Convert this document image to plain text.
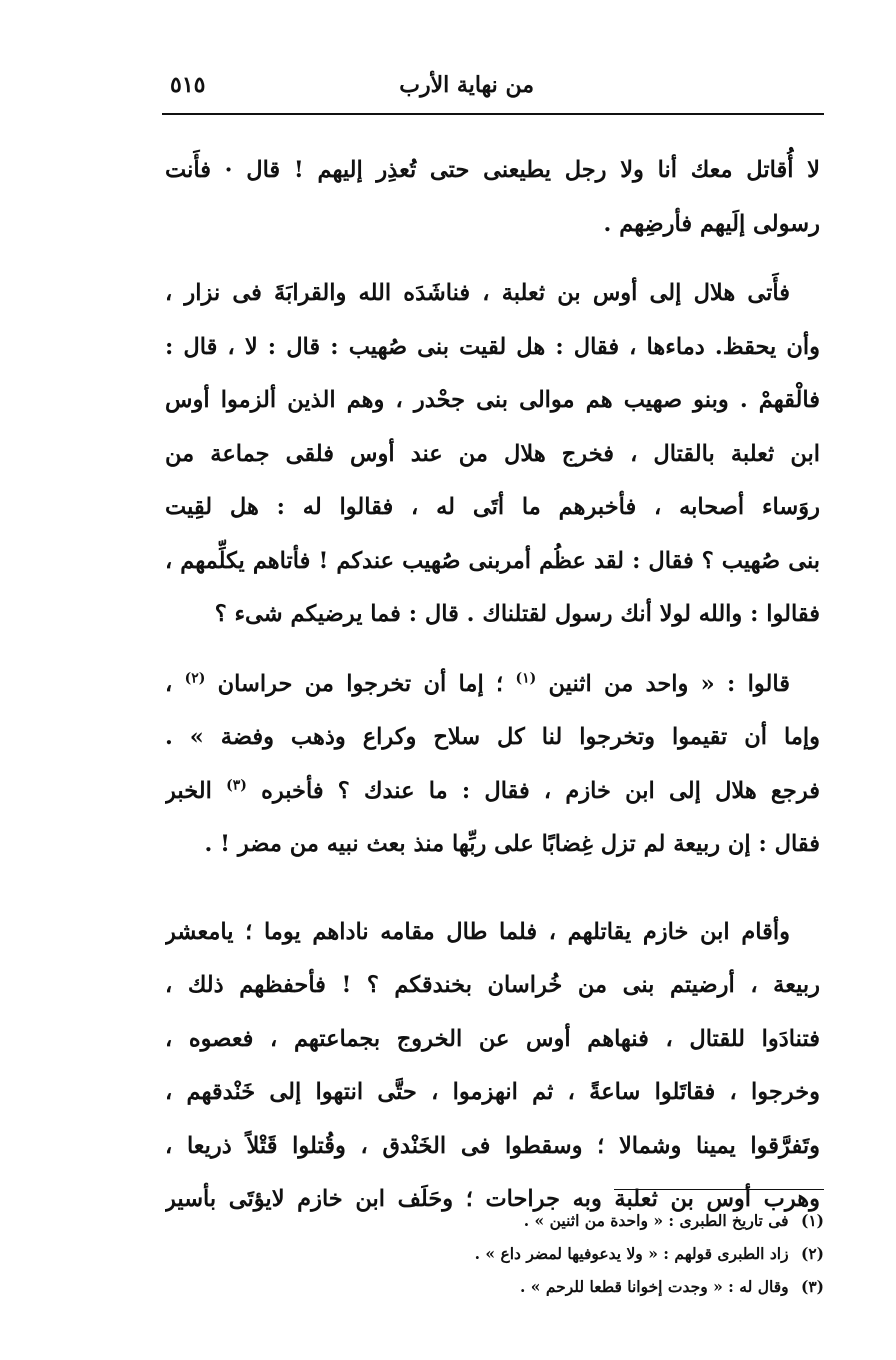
من نهاية الأرب
٥١٥

لا أُقاتل معك أنا ولا رجل يطيعنى حتى تُعذِر إليهم ! قال · فأَنت
رسولى إلَيهم فأرضِهم .

فأَتى هلال إلى أوس بن ثعلبة ، فناشَدَه الله والقرابَةَ فى نزار ،
وأن يحقظ. دماءها ، فقال : هل لقيت بنى صُهيب : قال : لا ، قال :
فالْقهمْ . وبنو صهيب هم موالى بنى جحْدر ، وهم الذين ألزموا أوس
ابن ثعلبة بالقتال ، فخرج هلال من عند أوس فلقى جماعة من
روَساء أصحابه ، فأخبرهم ما أتَى له ، فقالوا له : هل لقِيت
بنى صُهيب ؟ فقال : لقد عظُم أمربنى صُهيب عندكم ! فأتاهم يكلِّمهم ،
فقالوا : والله لولا أنك رسول لقتلناك . قال : فما يرضيكم شىء ؟

قالوا : « واحد من اثنين $^{(١)}$ ؛ إما أن تخرجوا من حراسان $^{(٢)}$ ،
وإما أن تقيموا وتخرجوا لنا كل سلاح وكراع وذهب وفضة » .
فرجع هلال إلى ابن خازم ، فقال : ما عندك ؟ فأخبره $^{(٣)}$ الخبر
فقال : إن ربيعة لم تزل غِضابًا على ربِّها منذ بعث نبيه من مضر ! .

وأقام ابن خازم يقاتلهم ، فلما طال مقامه ناداهم يوما ؛ يامعشر
ربيعة ، أرضيتم بنى من خُراسان بخندقكم ؟ ! فأحفظهم ذلك ،
فتنادَوا للقتال ، فنهاهم أوس عن الخروج بجماعتهم ، فعصوه ،
وخرجوا ، فقاتَلوا ساعةً ، ثم انهزموا ، حتَّى انتهوا إلى خَنْدقهم ،
وتَفرَّقوا يمينا وشمالا ؛ وسقطوا فى الخَنْدق ، وقُتلوا قَتْلاً ذريعا ،
وهرب أوس بن ثعلبة وبه جراحات ؛ وحَلَف ابن خازم لايؤتَى بأسير

(١) فى تاريخ الطبرى : « واحدة من اثنين » .
(٢) زاد الطبرى قولهم : « ولا يدعوفيها لمضر داع » .
(٣) وقال له : « وجدت إخوانا قطعا للرحم » .
